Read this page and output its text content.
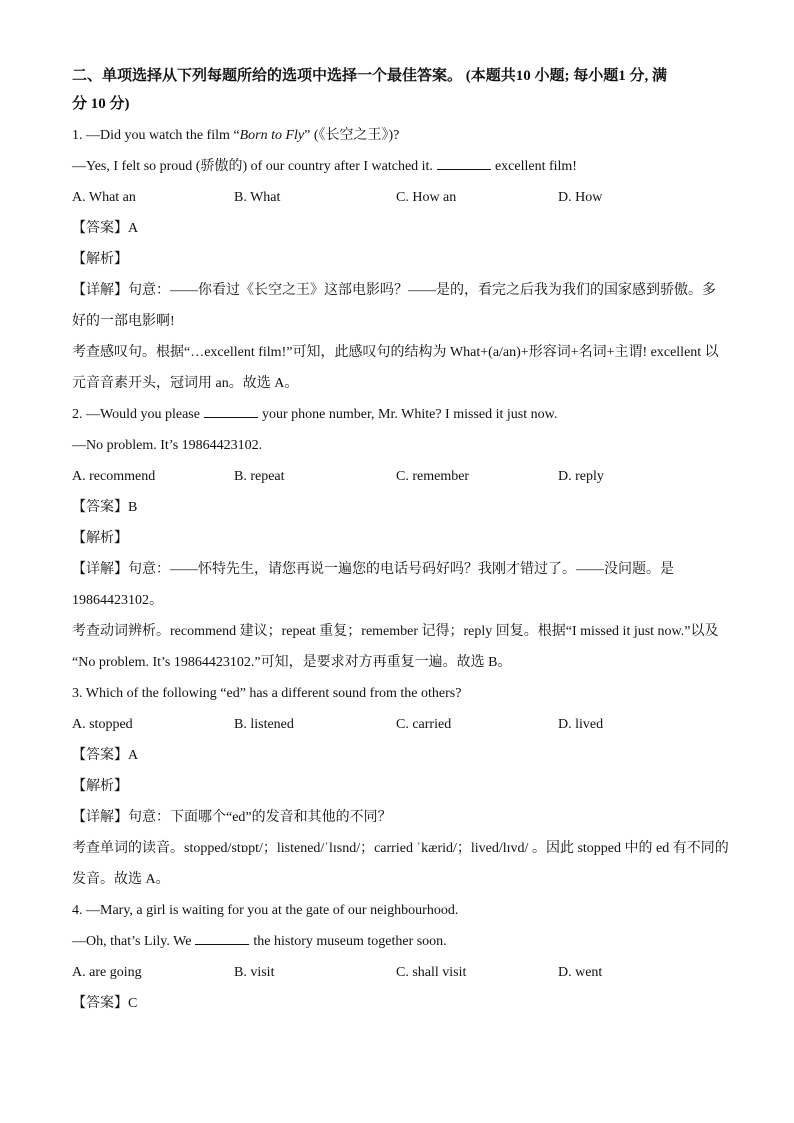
二、单项选择从下列每题所给的选项中选择一个最佳答案。 (本题共10 小题; 每小题1 分, 满
分 10 分)
1. —Did you watch the film “Born to Fly” (《长空之王》)?
—Yes, I felt so proud (骄傲的) of our country after I watched it.	excellent film!
A. What an	B. What	C. How an	D. How
【答案】A
【解析】
【详解】句意：——你看过《长空之王》这部电影吗？——是的，看完之后我为我们的国家感到骄傲。多
好的一部电影啊!
考查感叹句。根据“…excellent film!”可知，此感叹句的结构为 What+(a/an)+形容词+名词+主谓! excellent 以
元音音素开头，冠词用 an。故选 A。
2. —Would you please	your phone number, Mr. White? I missed it just now.
—No problem. It’s 19864423102.
A. recommend	B. repeat	C. remember	D. reply
【答案】B
【解析】
【详解】句意：——怀特先生，请您再说一遍您的电话号码好吗？我刚才错过了。——没问题。是
19864423102。
考查动词辨析。recommend 建议；repeat 重复；remember 记得；reply 回复。根据“I missed it just now.”以及
“No problem. It’s 19864423102.”可知，是要求对方再重复一遍。故选 B。
3. Which of the following “ed” has a different sound from the others?
A. stopped	B. listened	C. carried	D. lived
【答案】A
【解析】
【详解】句意：下面哪个“ed”的发音和其他的不同？
考查单词的读音。stopped/stɒpt/；listened/ˈlɪsnd/；carried ˈkærid/；lived/lɪvd/ 。因此 stopped 中的 ed 有不同的
发音。故选 A。
4. —Mary, a girl is waiting for you at the gate of our neighbourhood.
—Oh, that’s Lily. We	the history museum together soon.
A. are going	B. visit	C. shall visit	D. went
【答案】C
